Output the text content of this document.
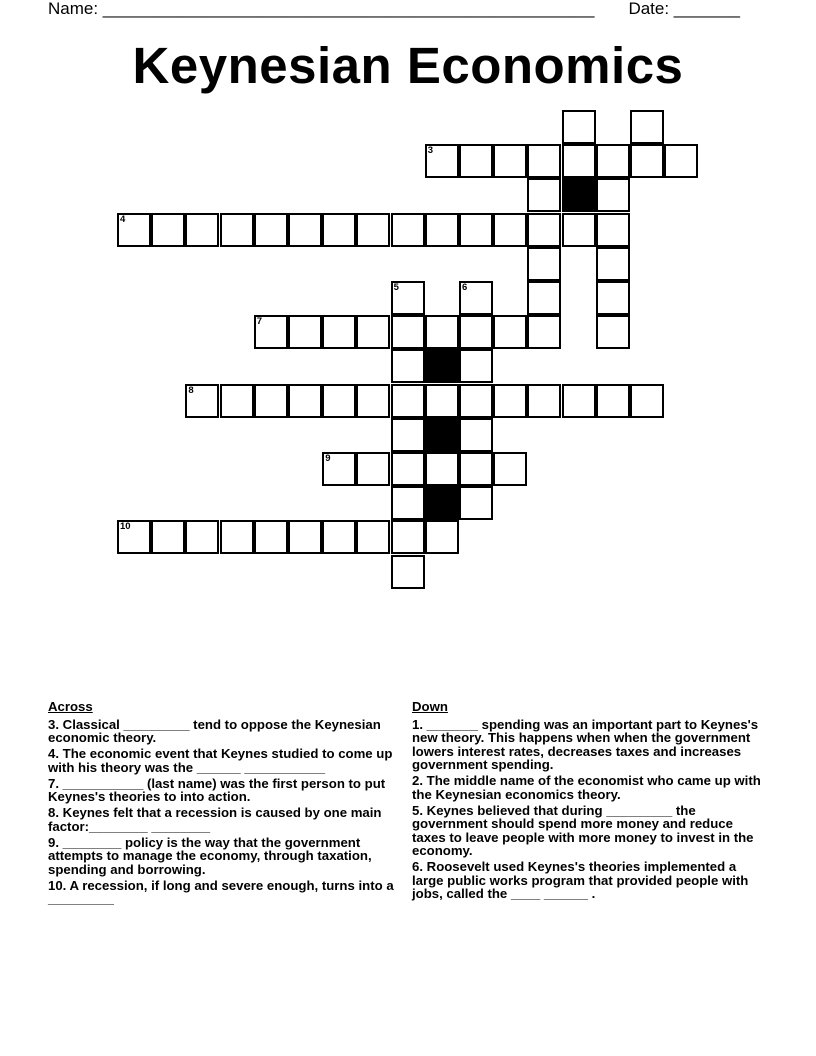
Name: ____________________________________________________ Date: _______
Keynesian Economics
3
4
5	6
7
8
9
10
Across
3. Classical _________ tend to oppose the Keynesian economic theory.
4. The economic event that Keynes studied to come up with his theory was the ______ ___________
7. ___________ (last name) was the first person to put Keynes's theories to into action.
8. Keynes felt that a recession is caused by one main factor:________ ________
9. ________ policy is the way that the government attempts to manage the economy, through taxation, spending and borrowing.
10. A recession, if long and severe enough, turns into a _________
Down
1. _______ spending was an important part to Keynes's new theory. This happens when when the government lowers interest rates, decreases taxes and increases government spending.
2. The middle name of the economist who came up with the Keynesian economics theory.
5. Keynes believed that during _________ the government should spend more money and reduce taxes to leave people with more money to invest in the economy.
6. Roosevelt used Keynes's theories implemented a large public works program that provided people with jobs, called the ____ ______ .
